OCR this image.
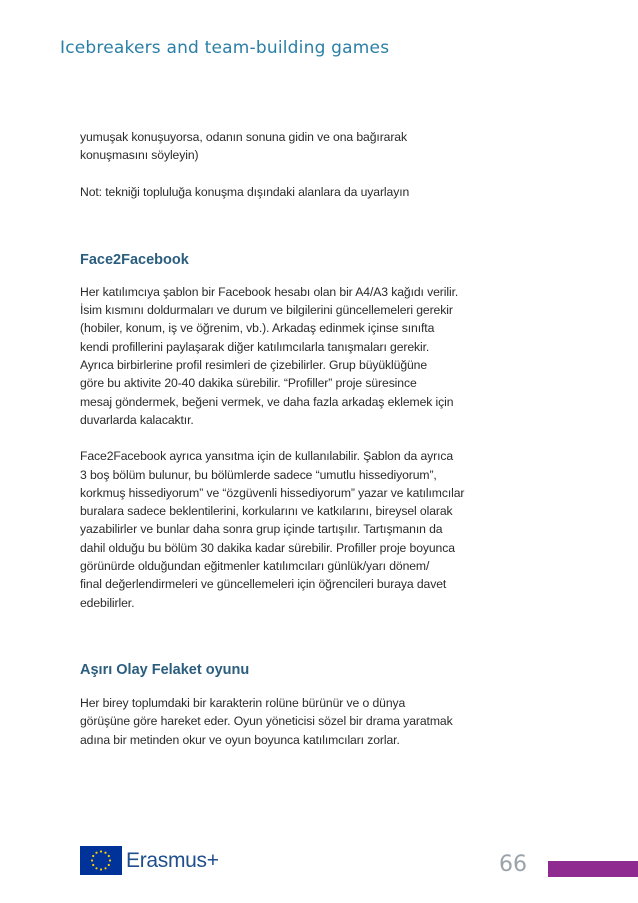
Icebreakers and team-building games

yumuşak konuşuyorsa, odanın sonuna gidin ve ona bağırarak
konuşmasını söyleyin)

Not: tekniği topluluğa konuşma dışındaki alanlara da uyarlayın

Face2Facebook

Her katılımcıya şablon bir Facebook hesabı olan bir A4/A3 kağıdı verilir.
İsim kısmını doldurmaları ve durum ve bilgilerini güncellemeleri gerekir
(hobiler, konum, iş ve öğrenim, vb.). Arkadaş edinmek içinse sınıfta
kendi profillerini paylaşarak diğer katılımcılarla tanışmaları gerekir.
Ayrıca birbirlerine profil resimleri de çizebilirler. Grup büyüklüğüne
göre bu aktivite 20-40 dakika sürebilir. “Profiller” proje süresince
mesaj göndermek, beğeni vermek, ve daha fazla arkadaş eklemek için
duvarlarda kalacaktır.

Face2Facebook ayrıca yansıtma için de kullanılabilir. Şablon da ayrıca
3 boş bölüm bulunur, bu bölümlerde sadece “umutlu hissediyorum”,
korkmuş hissediyorum” ve “özgüvenli hissediyorum” yazar ve katılımcılar
buralara sadece beklentilerini, korkularını ve katkılarını, bireysel olarak
yazabilirler ve bunlar daha sonra grup içinde tartışılır. Tartışmanın da
dahil olduğu bu bölüm 30 dakika kadar sürebilir. Profiller proje boyunca
görünürde olduğundan eğitmenler katılımcıları günlük/yarı dönem/
final değerlendirmeleri ve güncellemeleri için öğrencileri buraya davet
edebilirler.

Aşırı Olay Felaket oyunu

Her birey toplumdaki bir karakterin rolüne bürünür ve o dünya
görüşüne göre hareket eder. Oyun yöneticisi sözel bir drama yaratmak
adına bir metinden okur ve oyun boyunca katılımcıları zorlar.

Erasmus+	66
